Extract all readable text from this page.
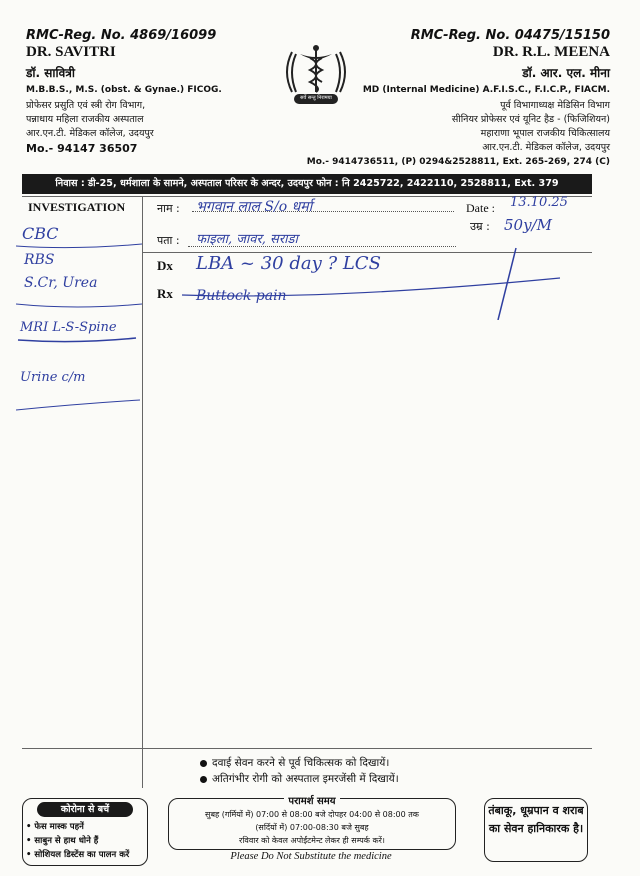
RMC-Reg. No. 4869/16099
DR. SAVITRI
डॉ. सावित्री
M.B.B.S., M.S. (obst. & Gynae.) FICOG.
प्रोफेसर प्रसुति एवं स्त्री रोग विभाग,
पन्नाधाय महिला राजकीय अस्पताल
आर.एन.टी. मेडिकल कॉलेज, उदयपुर
Mo.- 94147 36507
सर्वे सन्तु निरामया
RMC-Reg. No. 04475/15150
DR. R.L. MEENA
डॉ. आर. एल. मीना
MD (Internal Medicine) A.F.I.S.C., F.I.C.P., FIACM.
पूर्व विभागाध्यक्ष मेडिसिन विभाग
सीनियर प्रोफेसर एवं यूनिट हैड - (फिजिशियन)
महाराणा भूपाल राजकीय चिकित्सालय
आर.एन.टी. मेडिकल कॉलेज, उदयपुर
Mo.- 9414736511, (P) 0294&2528811, Ext. 265-269, 274 (C)
निवास : डी-25, धर्मशाला के सामने, अस्पताल परिसर के अन्दर, उदयपुर फोन : नि 2425722, 2422110, 2528811, Ext. 379
INVESTIGATION	नाम : भगवान लाल S/o धर्मा	Date : 13.10.25
उम्र : 50y/M
पता : फाइला, जावर, सराडा
Dx LBA ~ 30 day ? LCS
Rx Buttock pain
CBC
RBS
S.Cr, Urea
MRI L-S-Spine
Urine c/m
दवाई सेवन करने से पूर्व चिकित्सक को दिखायें।
अतिगंभीर रोगी को अस्पताल इमरजेंसी में दिखायें।
कोरोना से बचें
• फेस मास्क पहनें
• साबुन से हाथ धोने हैं
• सोशियल डिस्टेंस का पालन करें
परामर्श समय
सुबह (गर्मियों में) 07:00 से 08:00 बजे दोपहर 04:00 से 08:00 तक
(सर्दियों में) 07:00-08:30 बजे सुबह
रविवार को केवल अपोईंटमेन्ट लेकर ही सम्पर्क करें।
Please Do Not Substitute the medicine
तंबाकू, धूम्रपान व शराब का सेवन हानिकारक है।
